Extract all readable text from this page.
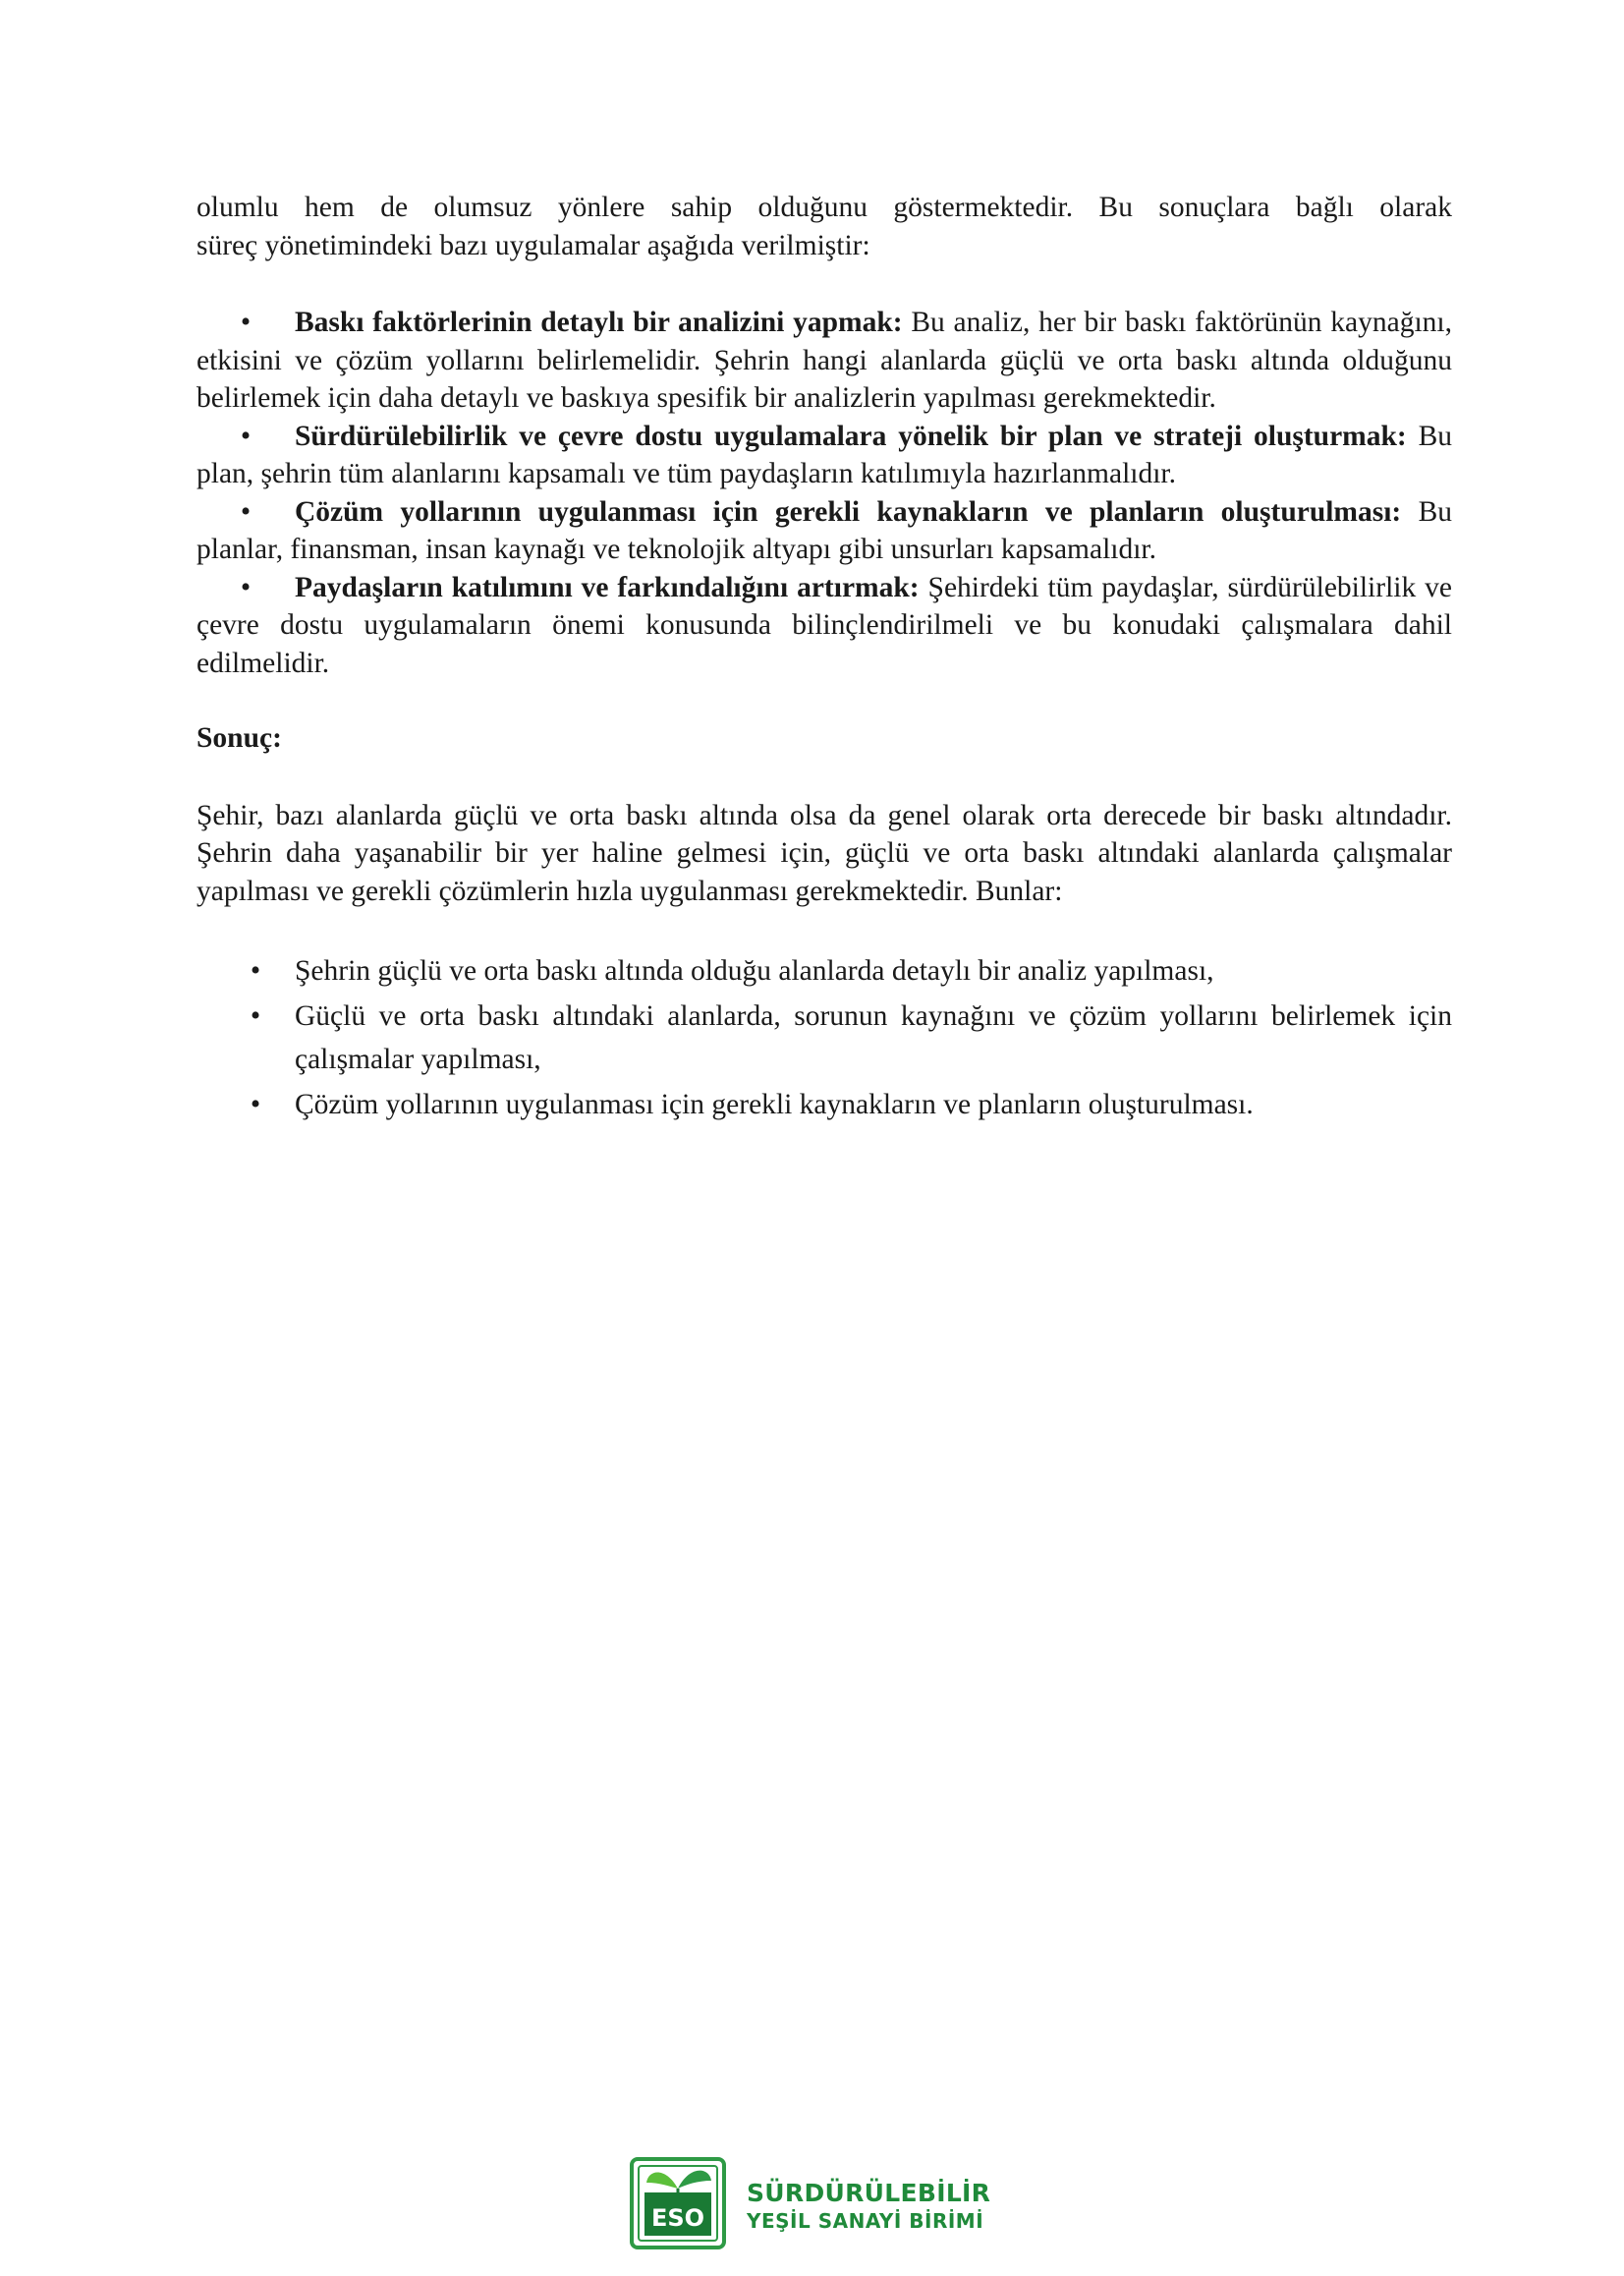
olumlu hem de olumsuz yönlere sahip olduğunu göstermektedir. Bu sonuçlara bağlı olarak

süreç yönetimindeki bazı uygulamalar aşağıda verilmiştir:

• Baskı faktörlerinin detaylı bir analizini yapmak: Bu analiz, her bir baskı faktörünün kaynağını, etkisini ve çözüm yollarını belirlemelidir. Şehrin hangi alanlarda güçlü ve orta baskı altında olduğunu belirlemek için daha detaylı ve baskıya spesifik bir analizlerin yapılması gerekmektedir.
• Sürdürülebilirlik ve çevre dostu uygulamalara yönelik bir plan ve strateji oluşturmak: Bu plan, şehrin tüm alanlarını kapsamalı ve tüm paydaşların katılımıyla hazırlanmalıdır.
• Çözüm yollarının uygulanması için gerekli kaynakların ve planların oluşturulması: Bu planlar, finansman, insan kaynağı ve teknolojik altyapı gibi unsurları kapsamalıdır.
• Paydaşların katılımını ve farkındalığını artırmak: Şehirdeki tüm paydaşlar, sürdürülebilirlik ve çevre dostu uygulamaların önemi konusunda bilinçlendirilmeli ve bu konudaki çalışmalara dahil edilmelidir.

Sonuç:

Şehir, bazı alanlarda güçlü ve orta baskı altında olsa da genel olarak orta derecede bir baskı altındadır. Şehrin daha yaşanabilir bir yer haline gelmesi için, güçlü ve orta baskı altındaki alanlarda çalışmalar yapılması ve gerekli çözümlerin hızla uygulanması gerekmektedir. Bunlar:

• Şehrin güçlü ve orta baskı altında olduğu alanlarda detaylı bir analiz yapılması,
• Güçlü ve orta baskı altındaki alanlarda, sorunun kaynağını ve çözüm yollarını belirlemek için çalışmalar yapılması,
• Çözüm yollarının uygulanması için gerekli kaynakların ve planların oluşturulması.
ESO
SÜRDÜRÜLEBİLİR
YEŞİL SANAYİ BİRİMİ
